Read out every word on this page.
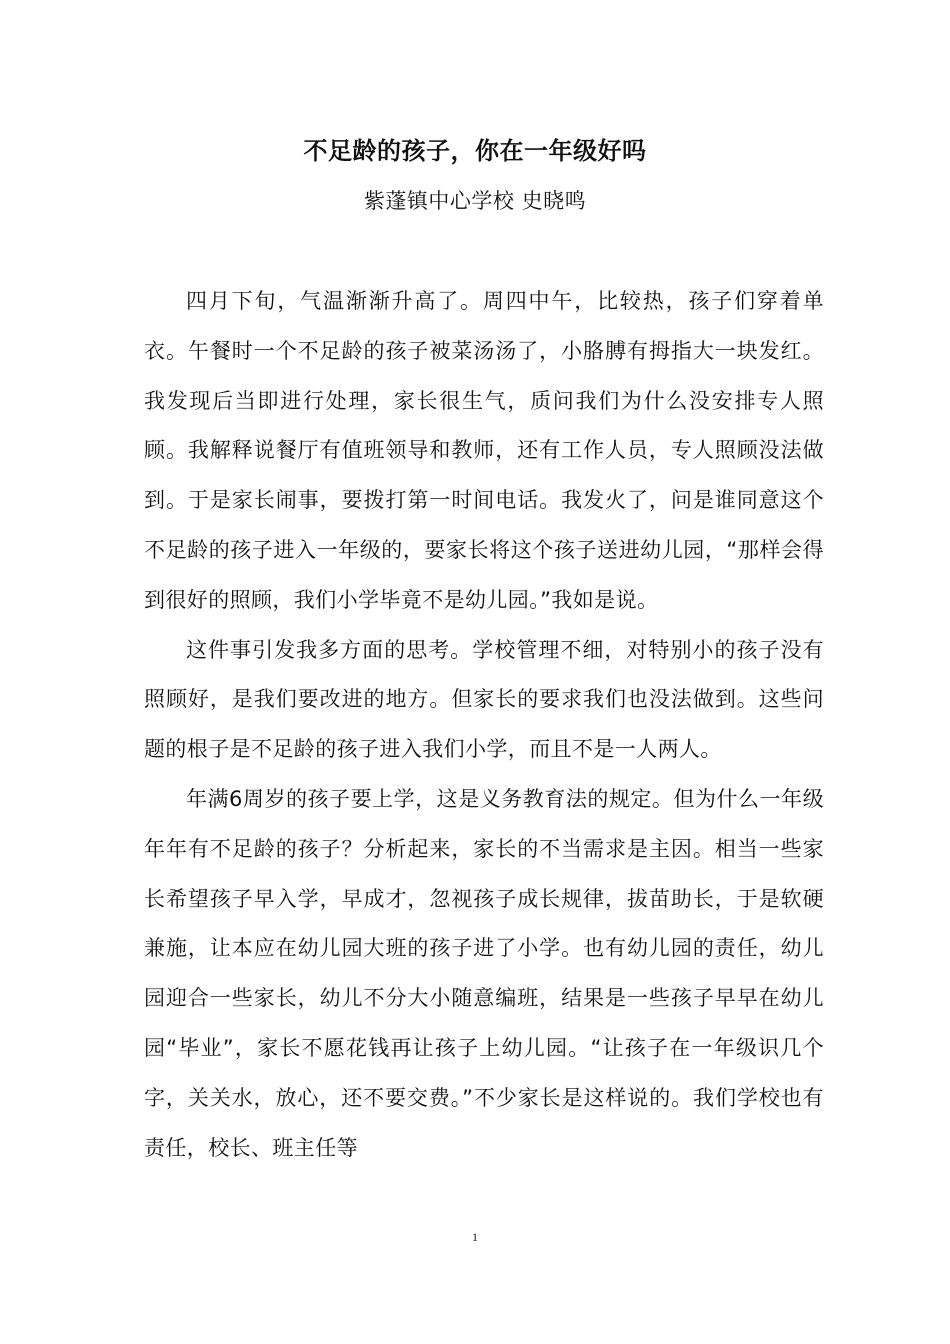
不足龄的孩子，你在一年级好吗
紫蓬镇中心学校 史晓鸣

四月下旬，气温渐渐升高了。周四中午，比较热，孩子们穿着单衣。午餐时一个不足龄的孩子被菜汤汤了，小胳膊有拇指大一块发红。我发现后当即进行处理，家长很生气，质问我们为什么没安排专人照顾。我解释说餐厅有值班领导和教师，还有工作人员，专人照顾没法做到。于是家长闹事，要拨打第一时间电话。我发火了，问是谁同意这个不足龄的孩子进入一年级的，要家长将这个孩子送进幼儿园，“那样会得到很好的照顾，我们小学毕竟不是幼儿园。”我如是说。

这件事引发我多方面的思考。学校管理不细，对特别小的孩子没有照顾好，是我们要改进的地方。但家长的要求我们也没法做到。这些问题的根子是不足龄的孩子进入我们小学，而且不是一人两人。

年满6周岁的孩子要上学，这是义务教育法的规定。但为什么一年级年年有不足龄的孩子？分析起来，家长的不当需求是主因。相当一些家长希望孩子早入学，早成才，忽视孩子成长规律，拔苗助长，于是软硬兼施，让本应在幼儿园大班的孩子进了小学。也有幼儿园的责任，幼儿园迎合一些家长，幼儿不分大小随意编班，结果是一些孩子早早在幼儿园“毕业”，家长不愿花钱再让孩子上幼儿园。“让孩子在一年级识几个字，关关水，放心，还不要交费。”不少家长是这样说的。我们学校也有责任，校长、班主任等

1
